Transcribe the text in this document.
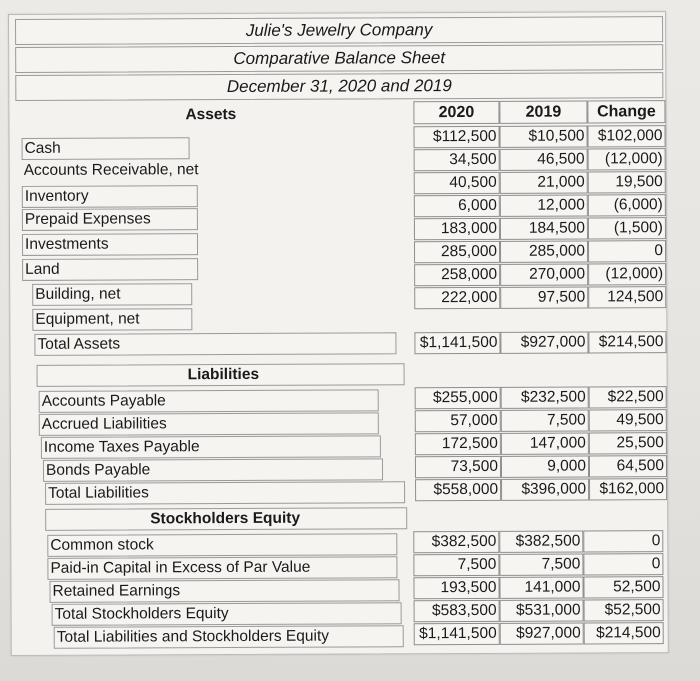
Julie's Jewelry Company
Comparative Balance Sheet
December 31, 2020 and 2019
Assets	2020	2019	Change
Cash
$112,500	$10,500 $102,000
Accounts Receivable, net
34,500	46,500	(12,000)
Inventory
40,500	21,000	19,500
Prepaid Expenses
6,000	12,000	(6,000)
Investments
183,000	184,500	(1,500)
Land
285,000	285,000	0
Building, net
258,000	270,000	(12,000)
Equipment, net
222,000	97,500	124,500
Total Assets	$1,141,500	$927,000 $214,500
Liabilities
Accounts Payable	$255,000	$232,500	$22,500
Accrued Liabilities	57,000	7,500	49,500
Income Taxes Payable	172,500	147,000	25,500
Bonds Payable	73,500	9,000	64,500
Total Liabilities	$558,000	$396,000 $162,000
Stockholders Equity
Common stock	$382,500	$382,500	0
Paid-in Capital in Excess of Par Value	7,500	7,500	0
Retained Earnings	193,500	141,000	52,500
Total Stockholders Equity	$583,500	$531,000	$52,500
Total Liabilities and Stockholders Equity	$1,141,500	$927,000 $214,500
